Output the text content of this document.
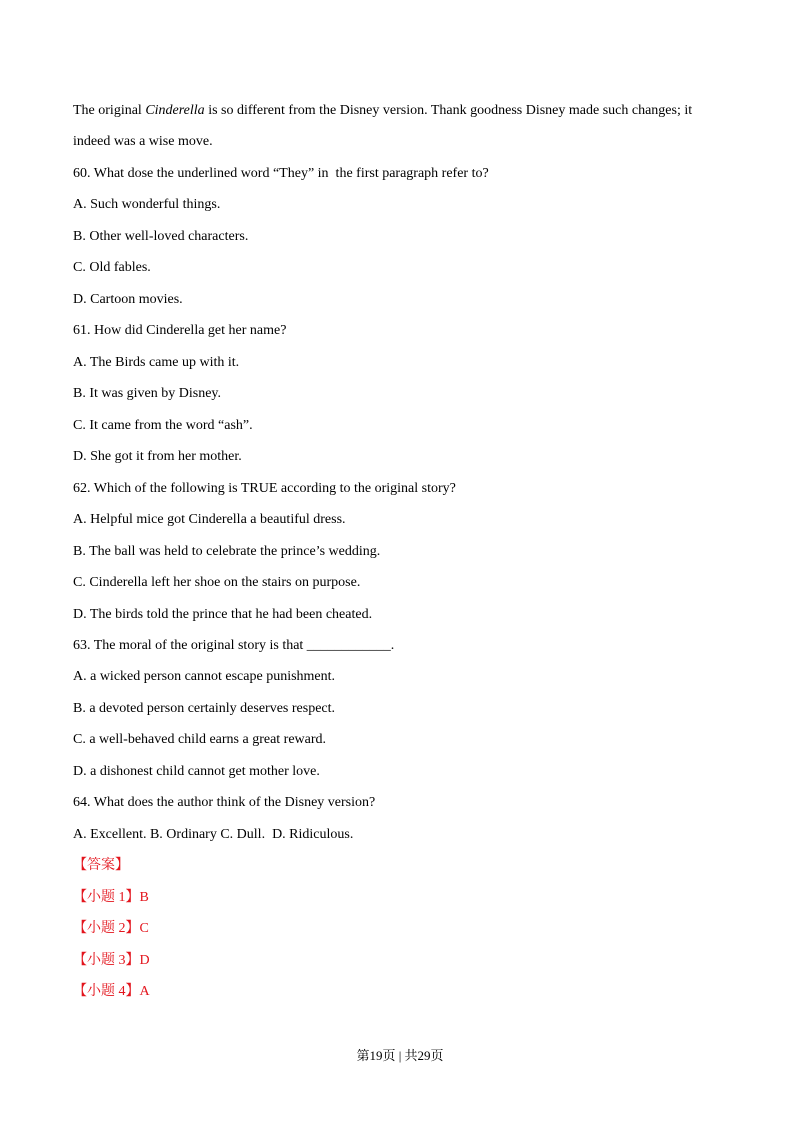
The original Cinderella is so different from the Disney version. Thank goodness Disney made such changes; it
indeed was a wise move.
60. What dose the underlined word “They” in  the first paragraph refer to?
A. Such wonderful things.
B. Other well-loved characters.
C. Old fables.
D. Cartoon movies.
61. How did Cinderella get her name?
A. The Birds came up with it.
B. It was given by Disney.
C. It came from the word “ash”.
D. She got it from her mother.
62. Which of the following is TRUE according to the original story?
A. Helpful mice got Cinderella a beautiful dress.
B. The ball was held to celebrate the prince’s wedding.
C. Cinderella left her shoe on the stairs on purpose.
D. The birds told the prince that he had been cheated.
63. The moral of the original story is that ____________.
A. a wicked person cannot escape punishment.
B. a devoted person certainly deserves respect.
C. a well-behaved child earns a great reward.
D. a dishonest child cannot get mother love.
64. What does the author think of the Disney version?
A. Excellent. B. Ordinary C. Dull.  D. Ridiculous.
【答案】
【小题 1】B
【小题 2】C
【小题 3】D
【小题 4】A
第19页 | 共29页
